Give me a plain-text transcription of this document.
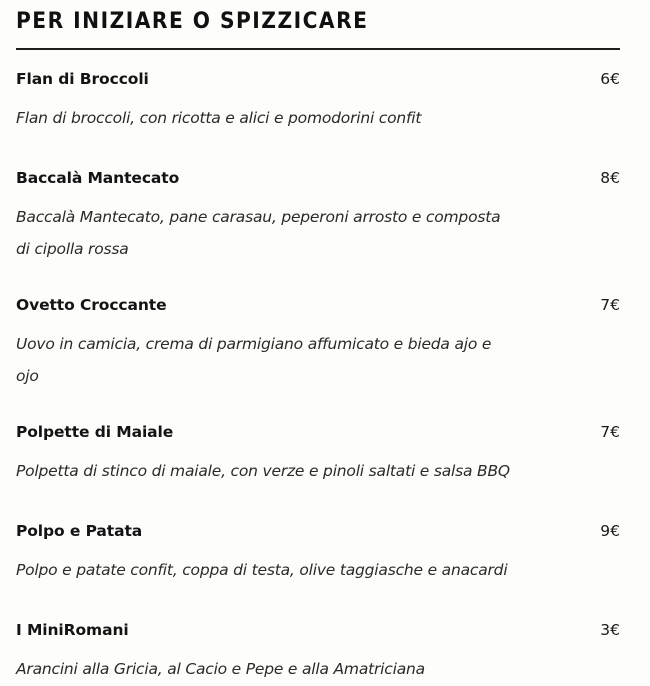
PER INIZIARE O SPIZZICARE
Flan di Broccoli	6€
Flan di broccoli, con ricotta e alici e pomodorini confit
Baccalà Mantecato	8€
Baccalà Mantecato, pane carasau, peperoni arrosto e composta di cipolla rossa
Ovetto Croccante	7€
Uovo in camicia, crema di parmigiano affumicato e bieda ajo e ojo
Polpette di Maiale	7€
Polpetta di stinco di maiale, con verze e pinoli saltati e salsa BBQ
Polpo e Patata	9€
Polpo e patate confit, coppa di testa, olive taggiasche e anacardi
I MiniRomani	3€
Arancini alla Gricia, al Cacio e Pepe e alla Amatriciana
